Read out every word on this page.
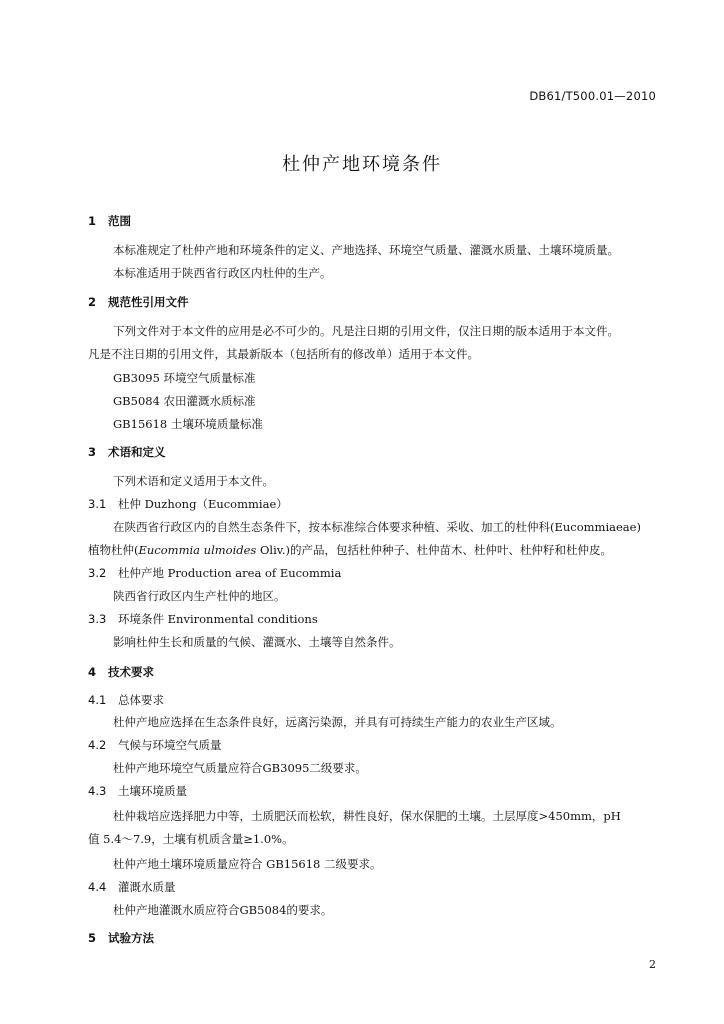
DB61/T500.01—2010
杜仲产地环境条件
1 范围
本标准规定了杜仲产地和环境条件的定义、产地选择、环境空气质量、灌溉水质量、土壤环境质量。
本标准适用于陕西省行政区内杜仲的生产。
2 规范性引用文件
下列文件对于本文件的应用是必不可少的。凡是注日期的引用文件，仅注日期的版本适用于本文件。
凡是不注日期的引用文件，其最新版本（包括所有的修改单）适用于本文件。
GB3095 环境空气质量标准
GB5084 农田灌溉水质标准
GB15618 土壤环境质量标准
3 术语和定义
下列术语和定义适用于本文件。
3.1 杜仲 Duzhong（Eucommiae）
在陕西省行政区内的自然生态条件下，按本标准综合体要求种植、采收、加工的杜仲科(Eucommiaeae)
植物杜仲(Eucommia ulmoides Oliv.)的产品，包括杜仲种子、杜仲苗木、杜仲叶、杜仲籽和杜仲皮。
3.2 杜仲产地 Production area of Eucommia
陕西省行政区内生产杜仲的地区。
3.3 环境条件 Environmental conditions
影响杜仲生长和质量的气候、灌溉水、土壤等自然条件。
4 技术要求
4.1 总体要求
杜仲产地应选择在生态条件良好，远离污染源，并具有可持续生产能力的农业生产区域。
4.2 气候与环境空气质量
杜仲产地环境空气质量应符合GB3095二级要求。
4.3 土壤环境质量
杜仲栽培应选择肥力中等，土质肥沃而松软，耕性良好，保水保肥的土壤。土层厚度>450mm，pH
值 5.4～7.9，土壤有机质含量≥1.0%。
杜仲产地土壤环境质量应符合 GB15618 二级要求。
4.4 灌溉水质量
杜仲产地灌溉水质应符合GB5084的要求。
5 试验方法
2
